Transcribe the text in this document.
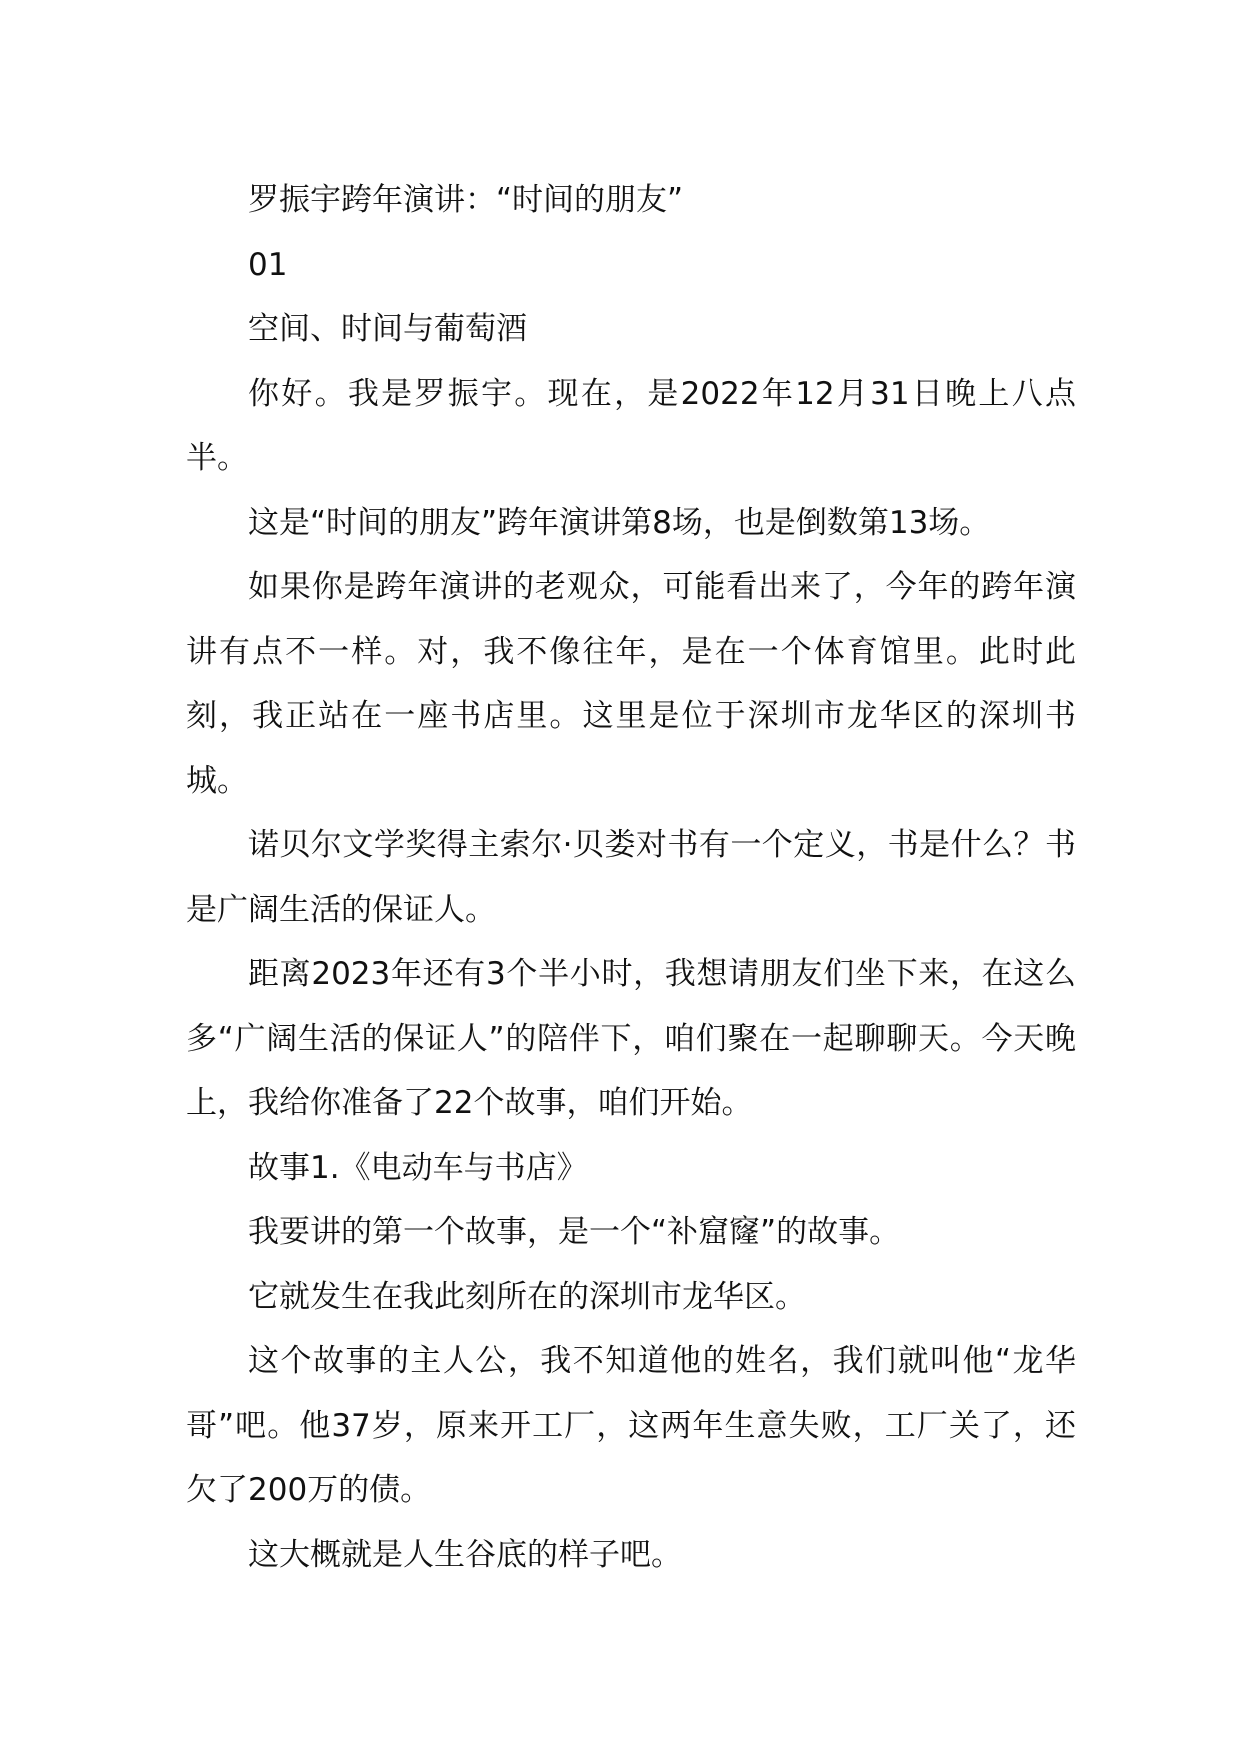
罗振宇跨年演讲：“时间的朋友”

01

空间、时间与葡萄酒

你好。我是罗振宇。现在，是2022年12月31日晚上八点半。

这是“时间的朋友”跨年演讲第8场，也是倒数第13场。

如果你是跨年演讲的老观众，可能看出来了，今年的跨年演讲有点不一样。对，我不像往年，是在一个体育馆里。此时此刻，我正站在一座书店里。这里是位于深圳市龙华区的深圳书城。

诺贝尔文学奖得主索尔·贝娄对书有一个定义，书是什么？书是广阔生活的保证人。

距离2023年还有3个半小时，我想请朋友们坐下来，在这么多“广阔生活的保证人”的陪伴下，咱们聚在一起聊聊天。今天晚上，我给你准备了22个故事，咱们开始。

故事1.《电动车与书店》

我要讲的第一个故事，是一个“补窟窿”的故事。

它就发生在我此刻所在的深圳市龙华区。

这个故事的主人公，我不知道他的姓名，我们就叫他“龙华哥”吧。他37岁，原来开工厂，这两年生意失败，工厂关了，还欠了200万的债。

这大概就是人生谷底的样子吧。
